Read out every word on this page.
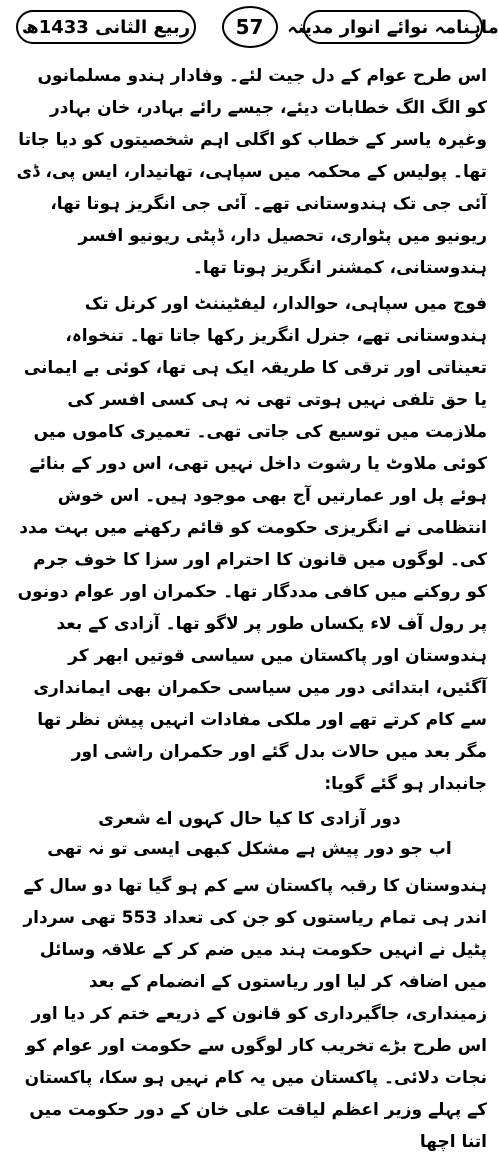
ماہنامہ نوائے انوار مدینہ
57
ربیع الثانی 1433ھ

اس طرح عوام کے دل جیت لئے۔ وفادار ہندو مسلمانوں کو الگ الگ خطابات دیئے، جیسے رائے بہادر، خان بہادر وغیرہ یاسر کے خطاب کو اگلی اہم شخصیتوں کو دیا جاتا تھا۔ پولیس کے محکمہ میں سپاہی، تھانیدار، ایس پی، ڈی آئی جی تک ہندوستانی تھے۔ آئی جی انگریز ہوتا تھا، ریونیو میں پٹواری، تحصیل دار، ڈپٹی ریونیو افسر ہندوستانی، کمشنر انگریز ہوتا تھا۔

فوج میں سپاہی، حوالدار، لیفٹیننٹ اور کرنل تک ہندوستانی تھے، جنرل انگریز رکھا جاتا تھا۔ تنخواہ، تعیناتی اور ترقی کا طریقہ ایک ہی تھا، کوئی بے ایمانی یا حق تلفی نہیں ہوتی تھی نہ ہی کسی افسر کی ملازمت میں توسیع کی جاتی تھی۔ تعمیری کاموں میں کوئی ملاوٹ یا رشوت داخل نہیں تھی، اس دور کے بنائے ہوئے پل اور عمارتیں آج بھی موجود ہیں۔ اس خوش انتظامی نے انگریزی حکومت کو قائم رکھنے میں بہت مدد کی۔ لوگوں میں قانون کا احترام اور سزا کا خوف جرم کو روکنے میں کافی مددگار تھا۔ حکمران اور عوام دونوں پر رول آف لاء یکساں طور پر لاگو تھا۔ آزادی کے بعد ہندوستان اور پاکستان میں سیاسی قوتیں ابھر کر آگئیں، ابتدائی دور میں سیاسی حکمران بھی ایمانداری سے کام کرتے تھے اور ملکی مفادات انہیں پیش نظر تھا مگر بعد میں حالات بدل گئے اور حکمران راشی اور جانبدار ہو گئے گویا:

دور آزادی کا کیا حال کہوں اے شعری

اب جو دور پیش ہے مشکل کبھی ایسی تو نہ تھی

ہندوستان کا رقبہ پاکستان سے کم ہو گیا تھا دو سال کے اندر ہی تمام ریاستوں کو جن کی تعداد 553 تھی سردار پٹیل نے انہیں حکومت ہند میں ضم کر کے علاقہ وسائل میں اضافہ کر لیا اور ریاستوں کے انضمام کے بعد زمینداری، جاگیرداری کو قانون کے ذریعے ختم کر دیا اور اس طرح بڑے تخریب کار لوگوں سے حکومت اور عوام کو نجات دلائی۔ پاکستان میں یہ کام نہیں ہو سکا، پاکستان کے پہلے وزیر اعظم لیاقت علی خان کے دور حکومت میں اتنا اچھا
